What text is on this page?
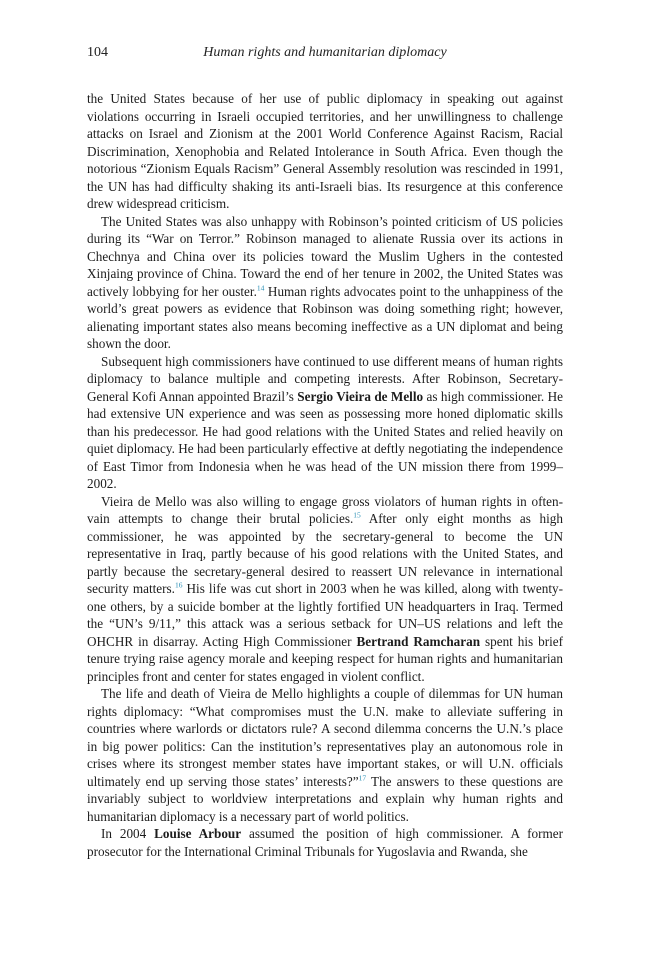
104	Human rights and humanitarian diplomacy

the United States because of her use of public diplomacy in speaking out against violations occurring in Israeli occupied territories, and her unwillingness to challenge attacks on Israel and Zionism at the 2001 World Conference Against Racism, Racial Discrimination, Xenophobia and Related Intolerance in South Africa. Even though the notorious “Zionism Equals Racism” General Assembly resolution was rescinded in 1991, the UN has had difficulty shaking its anti-Israeli bias. Its resurgence at this conference drew widespread criticism.

The United States was also unhappy with Robinson’s pointed criticism of US policies during its “War on Terror.” Robinson managed to alienate Russia over its actions in Chechnya and China over its policies toward the Muslim Ughers in the contested Xinjaing province of China. Toward the end of her tenure in 2002, the United States was actively lobbying for her ouster.$^{14}$ Human rights advocates point to the unhappiness of the world’s great powers as evidence that Robinson was doing something right; however, alienating important states also means becoming ineffective as a UN diplomat and being shown the door.

Subsequent high commissioners have continued to use different means of human rights diplomacy to balance multiple and competing interests. After Robinson, Secretary-General Kofi Annan appointed Brazil’s Sergio Vieira de Mello as high commissioner. He had extensive UN experience and was seen as possessing more honed diplomatic skills than his predecessor. He had good relations with the United States and relied heavily on quiet diplomacy. He had been particularly effective at deftly negotiating the independence of East Timor from Indonesia when he was head of the UN mission there from 1999–2002.

Vieira de Mello was also willing to engage gross violators of human rights in often-vain attempts to change their brutal policies.$^{15}$ After only eight months as high commissioner, he was appointed by the secretary-general to become the UN representative in Iraq, partly because of his good relations with the United States, and partly because the secretary-general desired to reassert UN relevance in international security matters.$^{16}$ His life was cut short in 2003 when he was killed, along with twenty-one others, by a suicide bomber at the lightly fortified UN headquarters in Iraq. Termed the “UN’s 9/11,” this attack was a serious setback for UN–US relations and left the OHCHR in disarray. Acting High Commissioner Bertrand Ramcharan spent his brief tenure trying raise agency morale and keeping respect for human rights and humanitarian principles front and center for states engaged in violent conflict.

The life and death of Vieira de Mello highlights a couple of dilemmas for UN human rights diplomacy: “What compromises must the U.N. make to alleviate suffering in countries where warlords or dictators rule? A second dilemma concerns the U.N.’s place in big power politics: Can the institution’s representatives play an autonomous role in crises where its strongest member states have important stakes, or will U.N. officials ultimately end up serving those states’ interests?”$^{17}$ The answers to these questions are invariably subject to worldview interpretations and explain why human rights and humanitarian diplomacy is a necessary part of world politics.

In 2004 Louise Arbour assumed the position of high commissioner. A former prosecutor for the International Criminal Tribunals for Yugoslavia and Rwanda, she
